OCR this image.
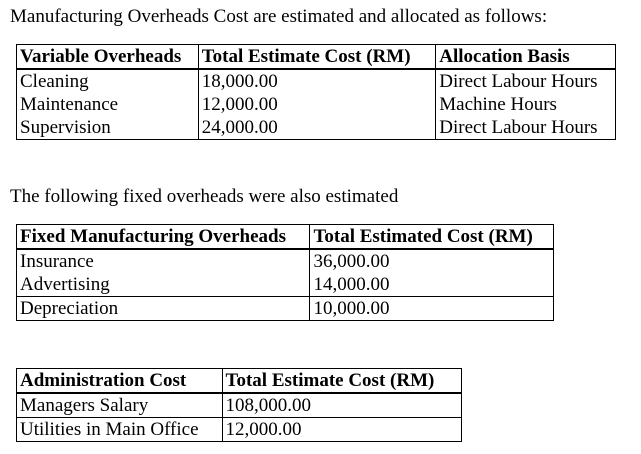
Manufacturing Overheads Cost are estimated and allocated as follows:

Variable Overheads	Total Estimate Cost (RM)	Allocation Basis
Cleaning	18,000.00	Direct Labour Hours
Maintenance	12,000.00	Machine Hours
Supervision	24,000.00	Direct Labour Hours

The following fixed overheads were also estimated

Fixed Manufacturing Overheads	Total Estimated Cost (RM)
Insurance	36,000.00
Advertising	14,000.00
Depreciation	10,000.00
Administration Cost	Total Estimate Cost (RM)
Managers Salary	108,000.00
Utilities in Main Office	12,000.00
